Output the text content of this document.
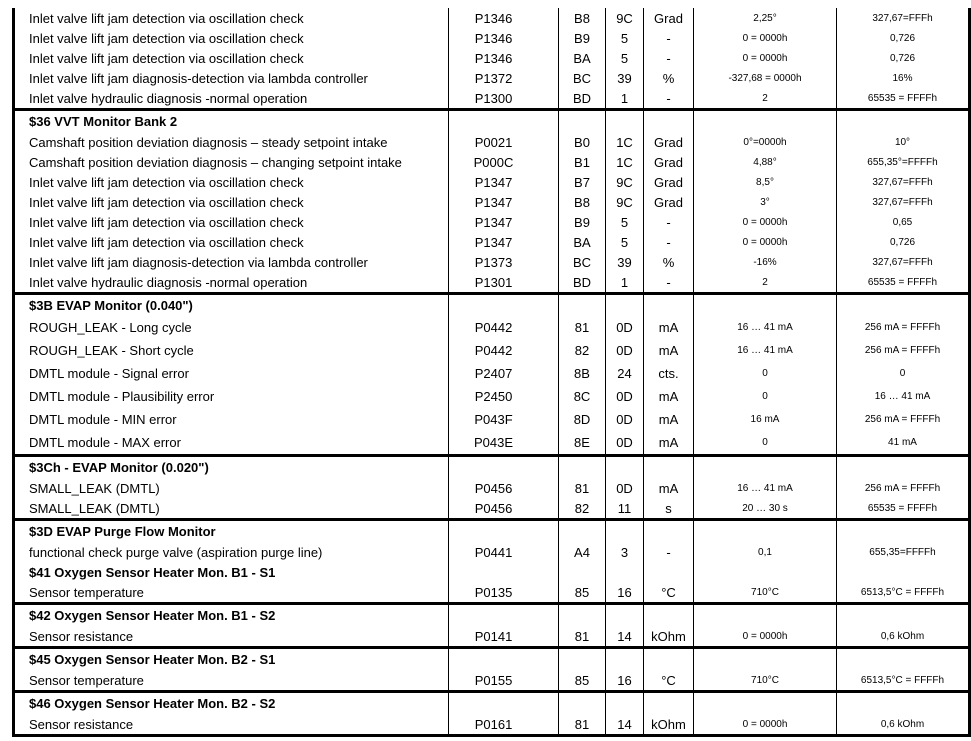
Inlet valve lift jam detection via oscillation check	P1346	B8	9C	Grad	2,25°	327,67=FFFh
Inlet valve lift jam detection via oscillation check	P1346	B9	5	-	0 = 0000h	0,726
Inlet valve lift jam detection via oscillation check	P1346	BA	5	-	0 = 0000h	0,726
Inlet valve lift jam diagnosis-detection via lambda controller	P1372	BC	39	%	-327,68 = 0000h	16%
Inlet valve hydraulic diagnosis -normal operation	P1300	BD	1	-	2	65535 = FFFFh
$36 VVT Monitor Bank 2						
Camshaft position deviation diagnosis – steady setpoint intake	P0021	B0	1C	Grad	0°=0000h	10°
Camshaft position deviation diagnosis – changing setpoint intake	P000C	B1	1C	Grad	4,88°	655,35°=FFFFh
Inlet valve lift jam detection via oscillation check	P1347	B7	9C	Grad	8,5°	327,67=FFFh
Inlet valve lift jam detection via oscillation check	P1347	B8	9C	Grad	3°	327,67=FFFh
Inlet valve lift jam detection via oscillation check	P1347	B9	5	-	0 = 0000h	0,65
Inlet valve lift jam detection via oscillation check	P1347	BA	5	-	0 = 0000h	0,726
Inlet valve lift jam diagnosis-detection via lambda controller	P1373	BC	39	%	-16%	327,67=FFFh
Inlet valve hydraulic diagnosis -normal operation	P1301	BD	1	-	2	65535 = FFFFh
$3B EVAP Monitor (0.040")						
ROUGH_LEAK - Long cycle	P0442	81	0D	mA	16 … 41 mA	256 mA = FFFFh
ROUGH_LEAK - Short cycle	P0442	82	0D	mA	16 … 41 mA	256 mA = FFFFh
DMTL module - Signal error	P2407	8B	24	cts.	0	0
DMTL module - Plausibility error	P2450	8C	0D	mA	0	16 … 41 mA
DMTL module - MIN error	P043F	8D	0D	mA	16 mA	256 mA = FFFFh
DMTL module - MAX error	P043E	8E	0D	mA	0	41 mA
$3Ch - EVAP Monitor (0.020")						
SMALL_LEAK (DMTL)	P0456	81	0D	mA	16 … 41 mA	256 mA = FFFFh
SMALL_LEAK (DMTL)	P0456	82	11	s	20 … 30 s	65535 = FFFFh
$3D EVAP Purge Flow Monitor						
functional check purge valve (aspiration purge line)	P0441	A4	3	-	0,1	655,35=FFFFh
$41 Oxygen Sensor Heater Mon. B1 - S1						
Sensor temperature	P0135	85	16	°C	710°C	6513,5°C = FFFFh
$42 Oxygen Sensor Heater Mon. B1 - S2						
Sensor resistance	P0141	81	14	kOhm	0 = 0000h	0,6 kOhm
$45 Oxygen Sensor Heater Mon. B2 - S1						
Sensor temperature	P0155	85	16	°C	710°C	6513,5°C = FFFFh
$46 Oxygen Sensor Heater Mon. B2 - S2						
Sensor resistance	P0161	81	14	kOhm	0 = 0000h	0,6 kOhm
